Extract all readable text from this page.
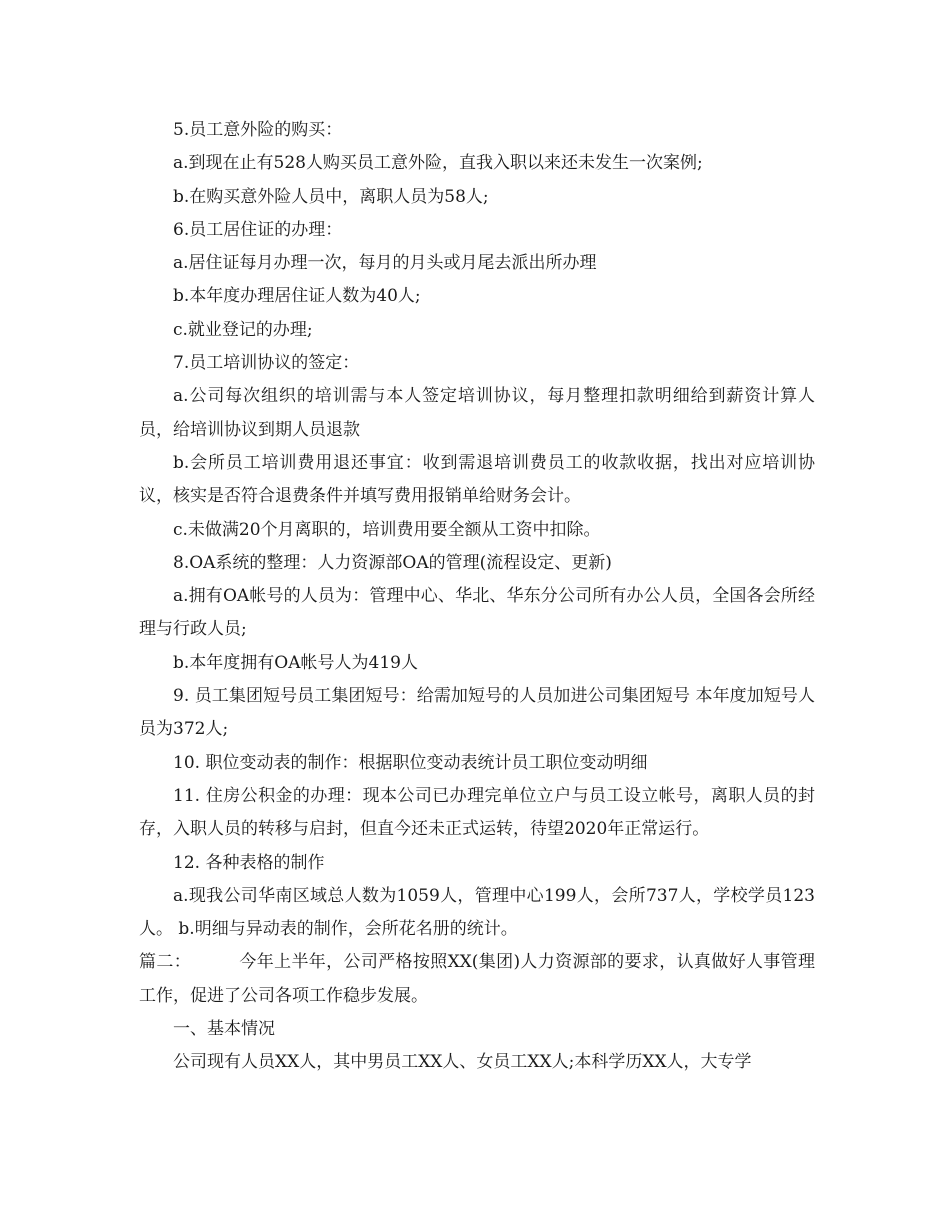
5.员工意外险的购买：

a.到现在止有528人购买员工意外险，直我入职以来还未发生一次案例;

b.在购买意外险人员中，离职人员为58人;

6.员工居住证的办理：

a.居住证每月办理一次，每月的月头或月尾去派出所办理

b.本年度办理居住证人数为40人;

c.就业登记的办理;

7.员工培训协议的签定：

a.公司每次组织的培训需与本人签定培训协议，每月整理扣款明细给到薪资计算人员，给培训协议到期人员退款

b.会所员工培训费用退还事宜：收到需退培训费员工的收款收据，找出对应培训协议，核实是否符合退费条件并填写费用报销单给财务会计。

c.未做满20个月离职的，培训费用要全额从工资中扣除。

8.OA系统的整理：人力资源部OA的管理(流程设定、更新)

a.拥有OA帐号的人员为：管理中心、华北、华东分公司所有办公人员，全国各会所经理与行政人员;

b.本年度拥有OA帐号人为419人

9. 员工集团短号员工集团短号：给需加短号的人员加进公司集团短号 本年度加短号人员为372人;

10. 职位变动表的制作：根据职位变动表统计员工职位变动明细

11. 住房公积金的办理：现本公司已办理完单位立户与员工设立帐号，离职人员的封存，入职人员的转移与启封，但直今还未正式运转，待望2020年正常运行。

12. 各种表格的制作

a.现我公司华南区域总人数为1059人，管理中心199人，会所737人，学校学员123人。 b.明细与异动表的制作，会所花名册的统计。

篇二：	今年上半年，公司严格按照XX(集团)人力资源部的要求，认真做好人事管理工作，促进了公司各项工作稳步发展。

一、基本情况

公司现有人员XX人，其中男员工XX人、女员工XX人;本科学历XX人，大专学
